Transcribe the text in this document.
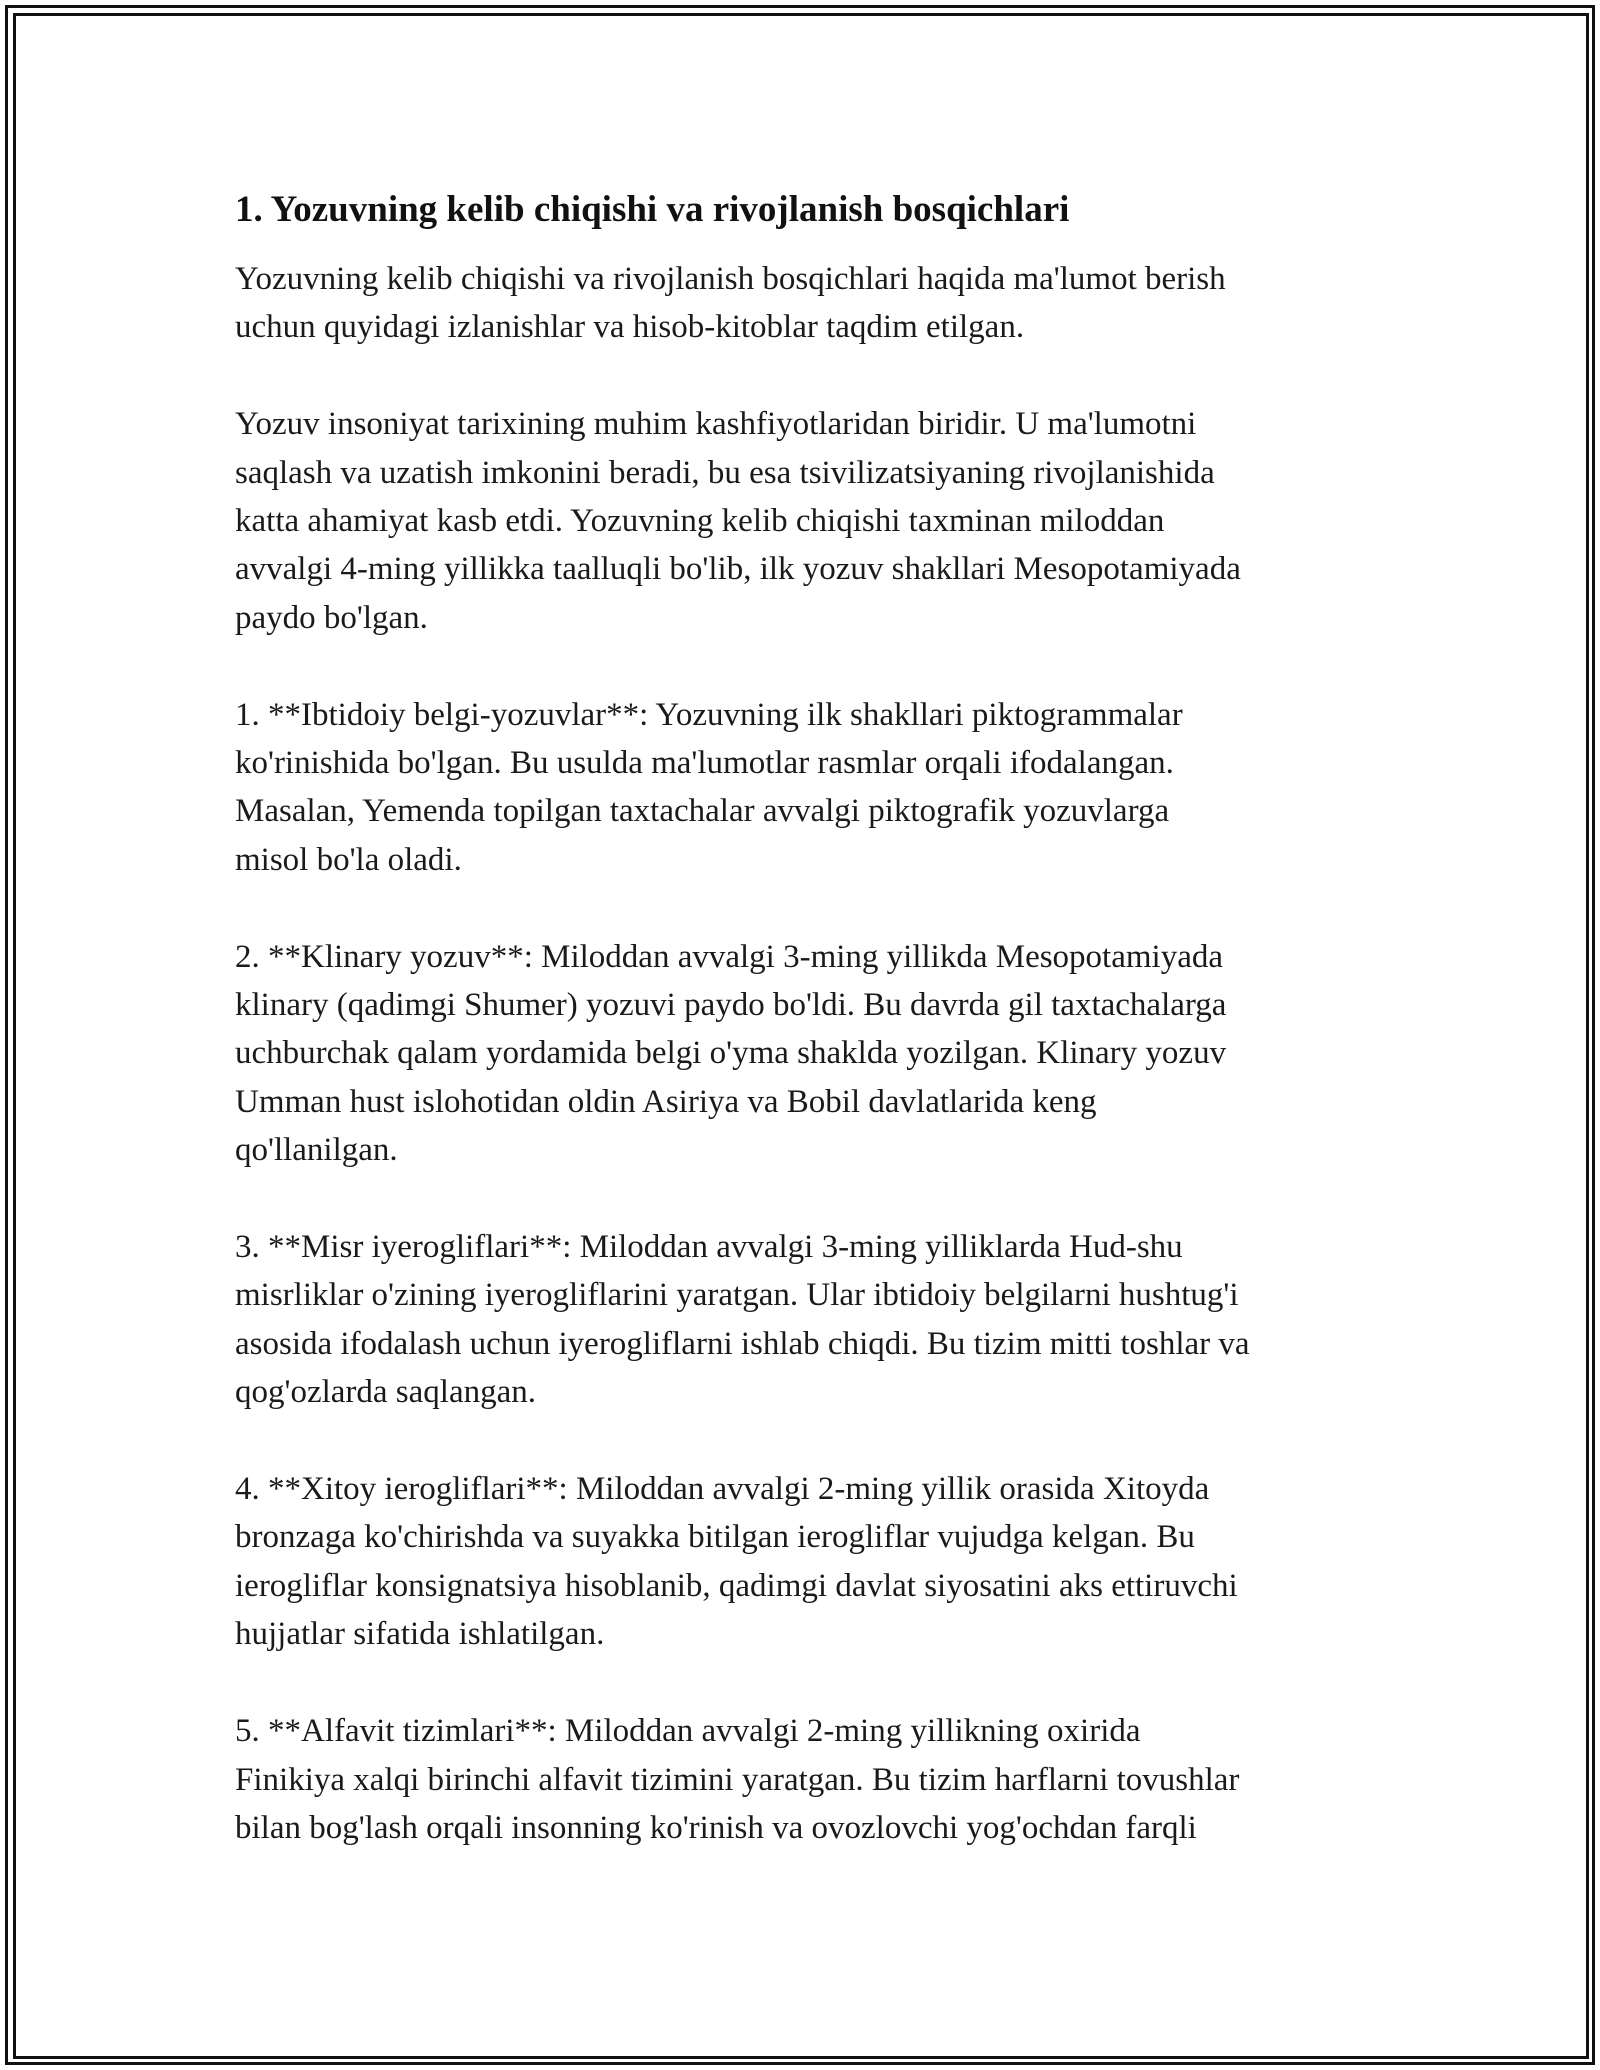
1. Yozuvning kelib chiqishi va rivojlanish bosqichlari

Yozuvning kelib chiqishi va rivojlanish bosqichlari haqida ma'lumot berish
uchun quyidagi izlanishlar va hisob-kitoblar taqdim etilgan.

Yozuv insoniyat tarixining muhim kashfiyotlaridan biridir. U ma'lumotni
saqlash va uzatish imkonini beradi, bu esa tsivilizatsiyaning rivojlanishida
katta ahamiyat kasb etdi. Yozuvning kelib chiqishi taxminan miloddan
avvalgi 4-ming yillikka taalluqli bo'lib, ilk yozuv shakllari Mesopotamiyada
paydo bo'lgan.

1. **Ibtidoiy belgi-yozuvlar**: Yozuvning ilk shakllari piktogrammalar
ko'rinishida bo'lgan. Bu usulda ma'lumotlar rasmlar orqali ifodalangan.
Masalan, Yemenda topilgan taxtachalar avvalgi piktografik yozuvlarga
misol bo'la oladi.

2. **Klinary yozuv**: Miloddan avvalgi 3-ming yillikda Mesopotamiyada
klinary (qadimgi Shumer) yozuvi paydo bo'ldi. Bu davrda gil taxtachalarga
uchburchak qalam yordamida belgi o'yma shaklda yozilgan. Klinary yozuv
Umman hust islohotidan oldin Asiriya va Bobil davlatlarida keng
qo'llanilgan.

3. **Misr iyerogliflari**: Miloddan avvalgi 3-ming yilliklarda Hud-shu
misrliklar o'zining iyerogliflarini yaratgan. Ular ibtidoiy belgilarni hushtug'i
asosida ifodalash uchun iyerogliflarni ishlab chiqdi. Bu tizim mitti toshlar va
qog'ozlarda saqlangan.

4. **Xitoy ierogliflari**: Miloddan avvalgi 2-ming yillik orasida Xitoyda
bronzaga ko'chirishda va suyakka bitilgan ierogliflar vujudga kelgan. Bu
ierogliflar konsignatsiya hisoblanib, qadimgi davlat siyosatini aks ettiruvchi
hujjatlar sifatida ishlatilgan.

5. **Alfavit tizimlari**: Miloddan avvalgi 2-ming yillikning oxirida
Finikiya xalqi birinchi alfavit tizimini yaratgan. Bu tizim harflarni tovushlar
bilan bog'lash orqali insonning ko'rinish va ovozlovchi yog'ochdan farqli
